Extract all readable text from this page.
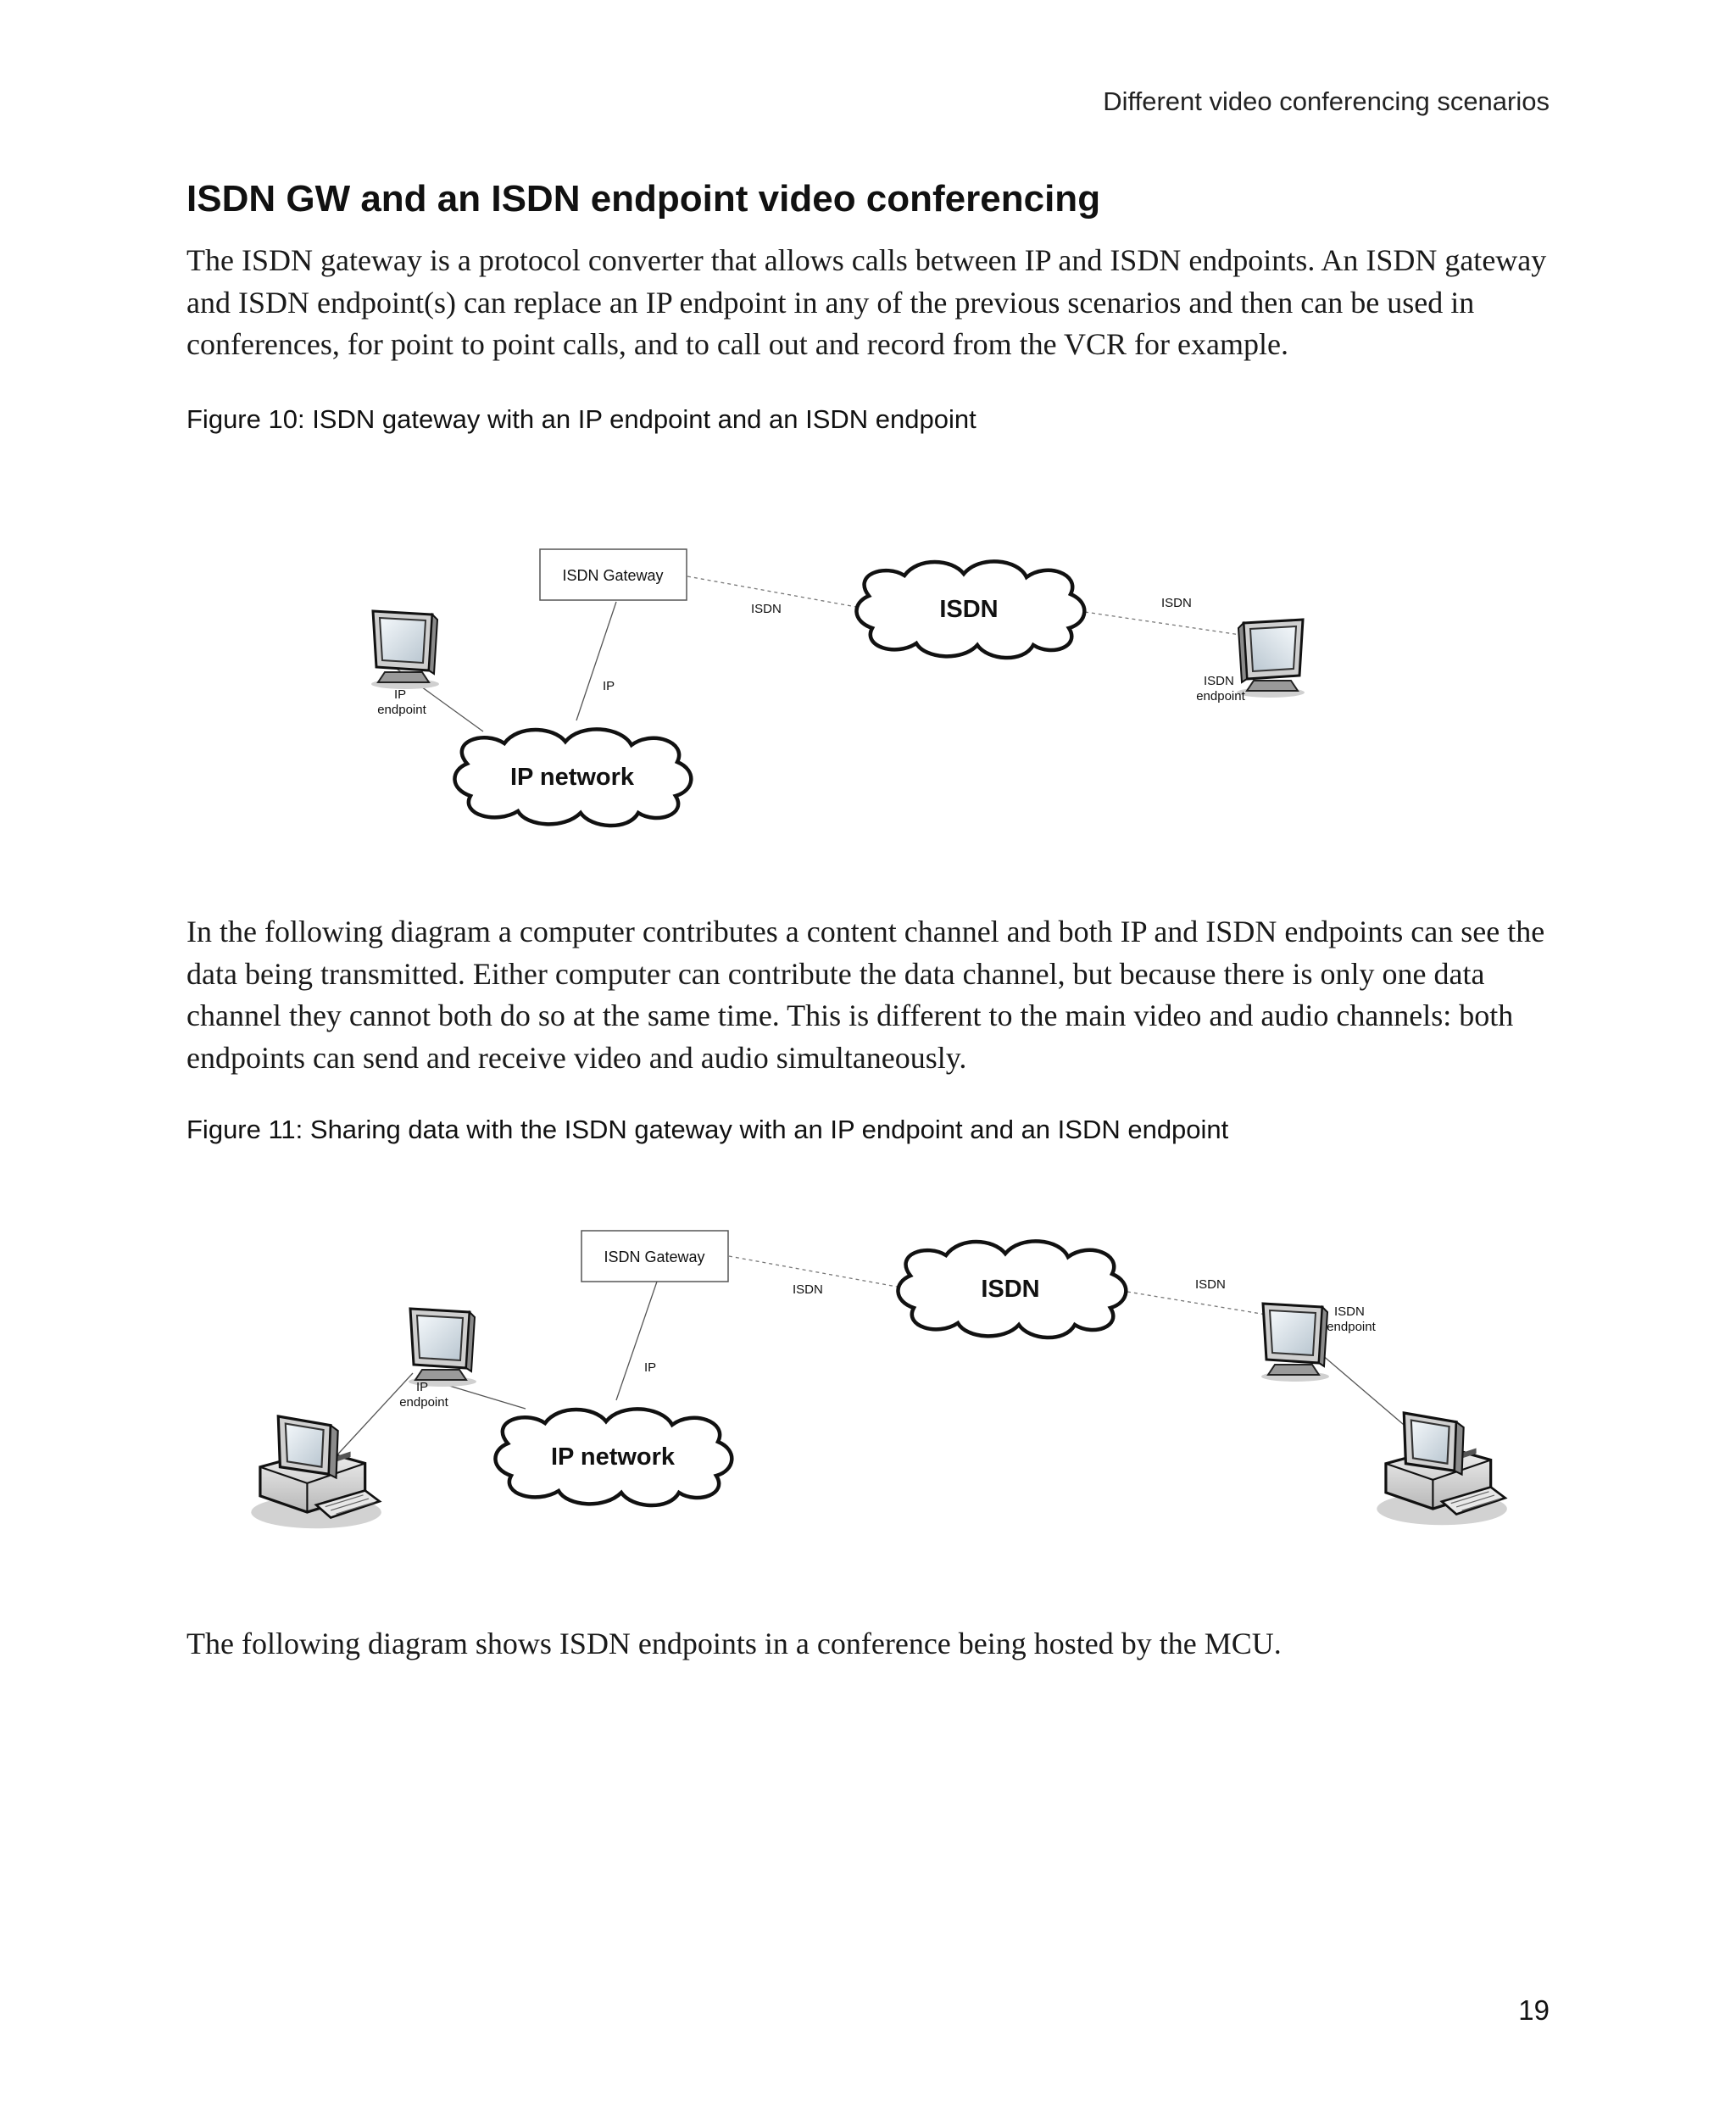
Different video conferencing scenarios
ISDN GW and an ISDN endpoint video conferencing

The ISDN gateway is a protocol converter that allows calls between IP and ISDN endpoints. An ISDN gateway and ISDN endpoint(s) can replace an IP endpoint in any of the previous scenarios and then can be used in conferences, for point to point calls, and to call out and record from the VCR for example.

Figure 10: ISDN gateway with an IP endpoint and an ISDN endpoint
ISDN Gateway
ISDN
IP network
ISDN	ISDN
IP
IP endpoint
ISDN endpoint

In the following diagram a computer contributes a content channel and both IP and ISDN endpoints can see the data being transmitted. Either computer can contribute the data channel, but because there is only one data channel they cannot both do so at the same time. This is different to the main video and audio channels: both endpoints can send and receive video and audio simultaneously.

Figure 11: Sharing data with the ISDN gateway with an IP endpoint and an ISDN endpoint
ISDN Gateway
ISDN
IP network
ISDN	ISDN
IP
IP endpoint
ISDN endpoint

The following diagram shows ISDN endpoints in a conference being hosted by the MCU.

19
